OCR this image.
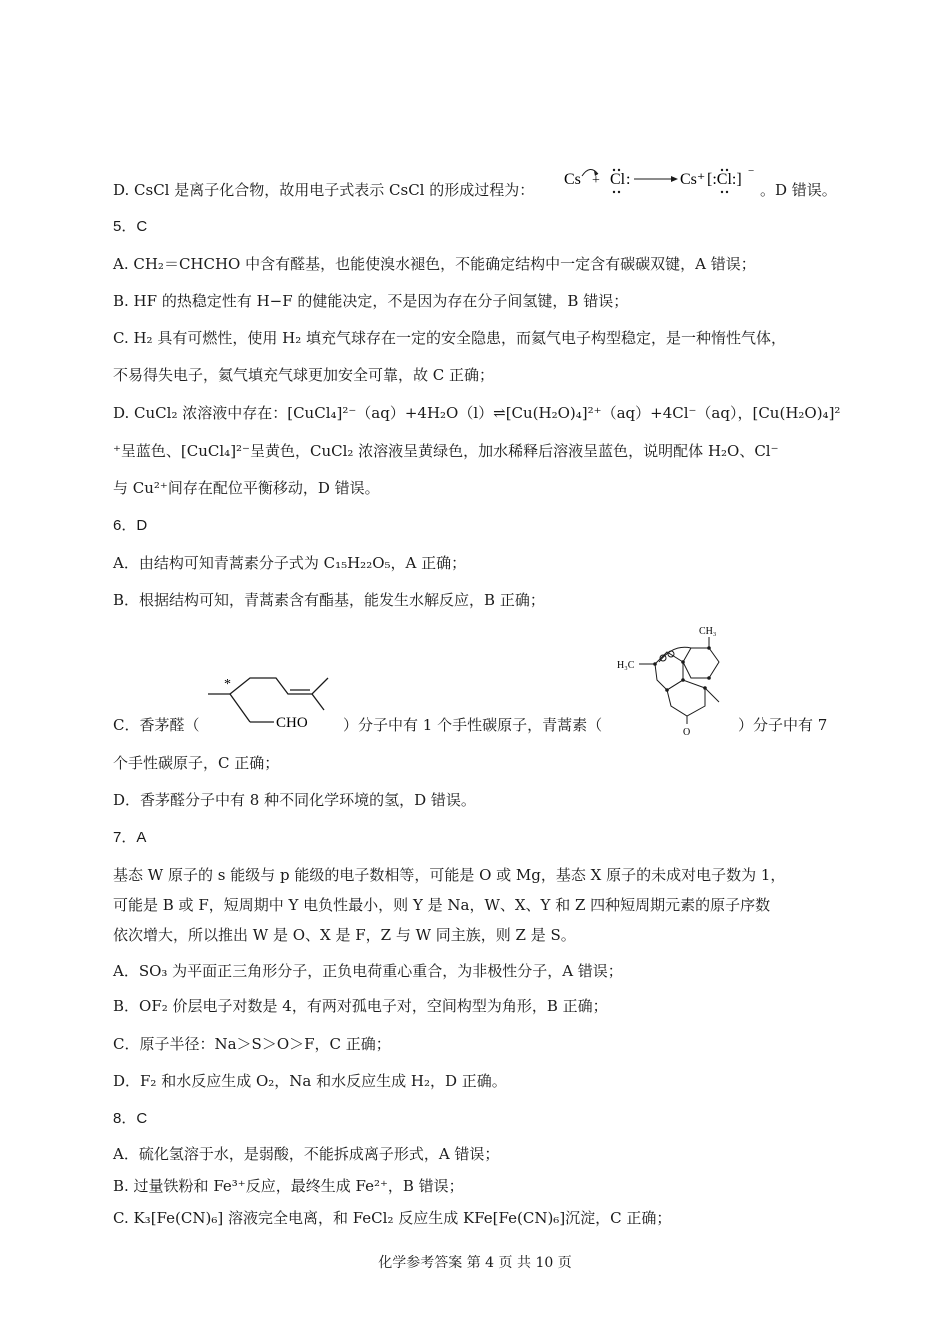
D. CsCl 是离子化合物，故用电子式表示 CsCl 的形成过程为：
Cs + Cl :	Cs⁺ [:Cl:] −
。D 错误。
5．C
A. CH₂＝CHCHO 中含有醛基，也能使溴水褪色，不能确定结构中一定含有碳碳双键，A 错误；
B. HF 的热稳定性有 H−F 的健能决定，不是因为存在分子间氢键，B 错误；
C. H₂ 具有可燃性，使用 H₂ 填充气球存在一定的安全隐患，而氦气电子构型稳定，是一种惰性气体，
不易得失电子，氦气填充气球更加安全可靠，故 C 正确；
D. CuCl₂ 浓溶液中存在：[CuCl₄]²⁻（aq）+4H₂O（l）⇌[Cu(H₂O)₄]²⁺（aq）+4Cl⁻（aq），[Cu(H₂O)₄]²
⁺呈蓝色、[CuCl₄]²⁻呈黄色，CuCl₂ 浓溶液呈黄绿色，加水稀释后溶液呈蓝色，说明配体 H₂O、Cl⁻
与 Cu²⁺间存在配位平衡移动，D 错误。
6．D
A．由结构可知青蒿素分子式为 C₁₅H₂₂O₅，A 正确；
B．根据结构可知，青蒿素含有酯基，能发生水解反应，B 正确；
C．香茅醛（
*
CHO ）分子中有 1 个手性碳原子，青蒿素（
CH₃
H₃C
O	）分子中有 7
个手性碳原子，C 正确；
D．香茅醛分子中有 8 种不同化学环境的氢，D 错误。
7．A
基态 W 原子的 s 能级与 p 能级的电子数相等，可能是 O 或 Mg，基态 X 原子的未成对电子数为 1，
可能是 B 或 F，短周期中 Y 电负性最小，则 Y 是 Na，W、X、Y 和 Z 四种短周期元素的原子序数
依次增大，所以推出 W 是 O、X 是 F，Z 与 W 同主族，则 Z 是 S。
A．SO₃ 为平面正三角形分子，正负电荷重心重合，为非极性分子，A 错误；
B．OF₂ 价层电子对数是 4，有两对孤电子对，空间构型为角形，B 正确；
C．原子半径：Na＞S＞O＞F，C 正确；
D．F₂ 和水反应生成 O₂，Na 和水反应生成 H₂，D 正确。
8．C
A．硫化氢溶于水，是弱酸，不能拆成离子形式，A 错误；
B. 过量铁粉和 Fe³⁺反应，最终生成 Fe²⁺，B 错误；
C. K₃[Fe(CN)₆] 溶液完全电离，和 FeCl₂ 反应生成 KFe[Fe(CN)₆]沉淀，C 正确；
化学参考答案 第 4 页 共 10 页
